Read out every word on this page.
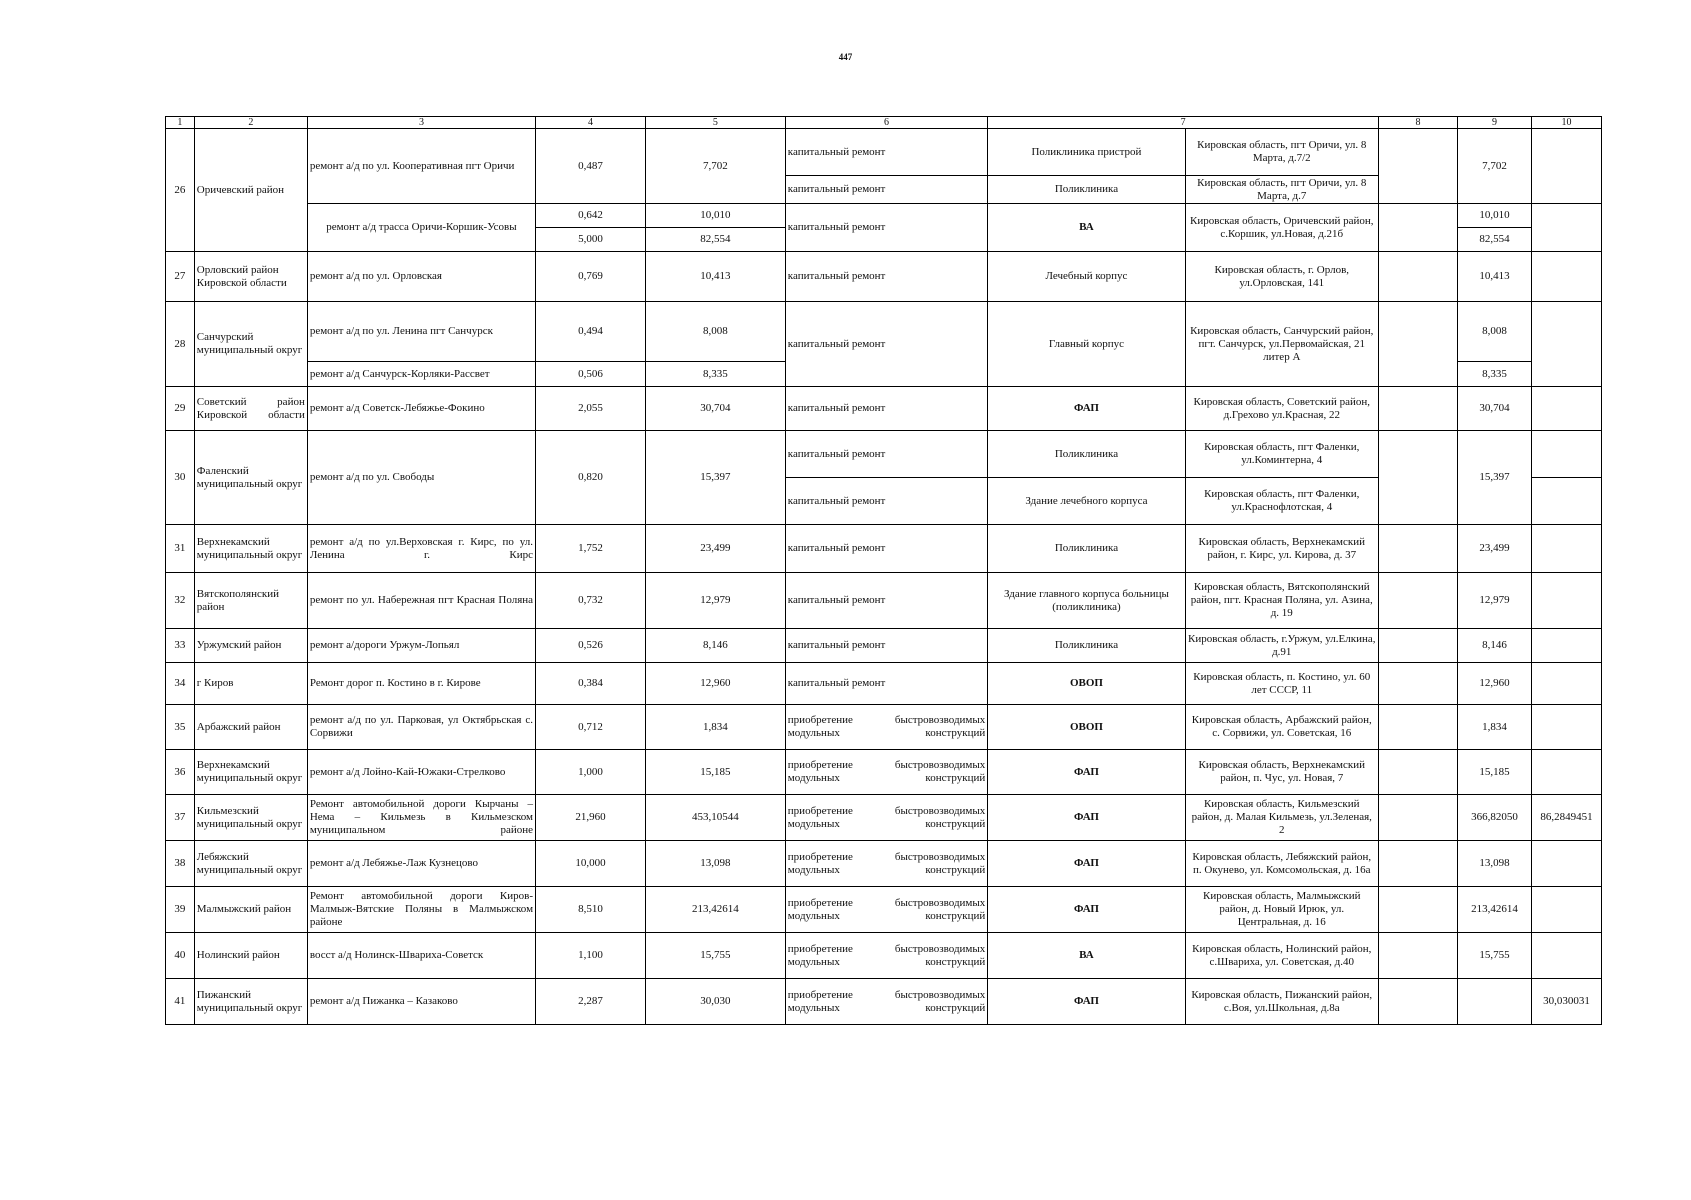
447
1	2	3	4	5	6	7		8	9	10
26	Оричевский район	ремонт а/д по ул. Кооперативная пгт Оричи	0,487	7,702	капитальный ремонт	Поликлиника пристрой	Кировская область, пгт Оричи, ул. 8 Марта, д.7/2		7,702	
					капитальный ремонт	Поликлиника	Кировская область, пгт Оричи, ул. 8 Марта, д.7			
		ремонт а/д трасса Оричи-Коршик-Усовы	0,642	10,010	капитальный ремонт	ВА	Кировская область, Оричевский район, с.Коршик, ул.Новая, д.21б		10,010	
			5,000	82,554					82,554	
27	Орловский район Кировской области	ремонт а/д по ул. Орловская	0,769	10,413	капитальный ремонт	Лечебный корпус	Кировская область, г. Орлов, ул.Орловская, 141		10,413	
28	Санчурский муниципальный округ	ремонт а/д по ул. Ленина пгт Санчурск	0,494	8,008	капитальный ремонт	Главный корпус	Кировская область, Санчурский район, пгт. Санчурск, ул.Первомайская, 21 литер А		8,008	
		ремонт а/д Санчурск-Корляки-Рассвет	0,506	8,335					8,335	
29	Советский район Кировской области	ремонт а/д Советск-Лебяжье-Фокино	2,055	30,704	капитальный ремонт	ФАП	Кировская область, Советский район, д.Грехово ул.Красная, 22		30,704	
30	Фаленский муниципальный округ	ремонт а/д по ул. Свободы	0,820	15,397	капитальный ремонт	Поликлиника	Кировская область, пгт Фаленки, ул.Коминтерна, 4		15,397	
					капитальный ремонт	Здание лечебного корпуса	Кировская область, пгт Фаленки, ул.Краснофлотская, 4			
31	Верхнекамский муниципальный округ	ремонт а/д по ул.Верховская г. Кирс, по ул. Ленина г. Кирс	1,752	23,499	капитальный ремонт	Поликлиника	Кировская область, Верхнекамский район, г. Кирс, ул. Кирова, д. 37		23,499	
32	Вятскополянский район	ремонт по ул. Набережная пгт Красная Поляна	0,732	12,979	капитальный ремонт	Здание главного корпуса больницы (поликлиника)	Кировская область, Вятскополянский район, пгт. Красная Поляна, ул. Азина, д. 19		12,979	
33	Уржумский район	ремонт а/дороги Уржум-Лопьял	0,526	8,146	капитальный ремонт	Поликлиника	Кировская область, г.Уржум, ул.Елкина, д.91		8,146	
34	г Киров	Ремонт дорог п. Костино в г. Кирове	0,384	12,960	капитальный ремонт	ОВОП	Кировская область, п. Костино, ул. 60 лет СССР, 11		12,960	
35	Арбажский район	ремонт а/д по ул. Парковая, ул Октябрьская с. Сорвижи	0,712	1,834	приобретение быстровозводимых модульных конструкций	ОВОП	Кировская область, Арбажский район, с. Сорвижи, ул. Советская, 16		1,834	
36	Верхнекамский муниципальный округ	ремонт а/д Лойно-Кай-Южаки-Стрелково	1,000	15,185	приобретение быстровозводимых модульных конструкций	ФАП	Кировская область, Верхнекамский район, п. Чус, ул. Новая, 7		15,185	
37	Кильмезский муниципальный округ	Ремонт автомобильной дороги Кырчаны – Нема – Кильмезь в Кильмезском муниципальном районе	21,960	453,10544	приобретение быстровозводимых модульных конструкций	ФАП	Кировская область, Кильмезский район, д. Малая Кильмезь, ул.Зеленая, 2		366,82050	86,2849451
38	Лебяжский муниципальный округ	ремонт а/д Лебяжье-Лаж Кузнецово	10,000	13,098	приобретение быстровозводимых модульных конструкций	ФАП	Кировская область, Лебяжский район, п. Окунево, ул. Комсомольская, д. 16а		13,098	
39	Малмыжский район	Ремонт автомобильной дороги Киров-Малмыж-Вятские Поляны в Малмыжском районе	8,510	213,42614	приобретение быстровозводимых модульных конструкций	ФАП	Кировская область, Малмыжский район, д. Новый Ирюк, ул. Центральная, д. 16		213,42614	
40	Нолинский район	восст а/д Нолинск-Шварихa-Советск	1,100	15,755	приобретение быстровозводимых модульных конструкций	ВА	Кировская область, Нолинский район, с.Швариха, ул. Советская, д.40		15,755	
41	Пижанский муниципальный округ	ремонт а/д Пижанка – Казаково	2,287	30,030	приобретение быстровозводимых модульных конструкций	ФАП	Кировская область, Пижанский район, с.Воя, ул.Школьная, д.8а			30,030031
